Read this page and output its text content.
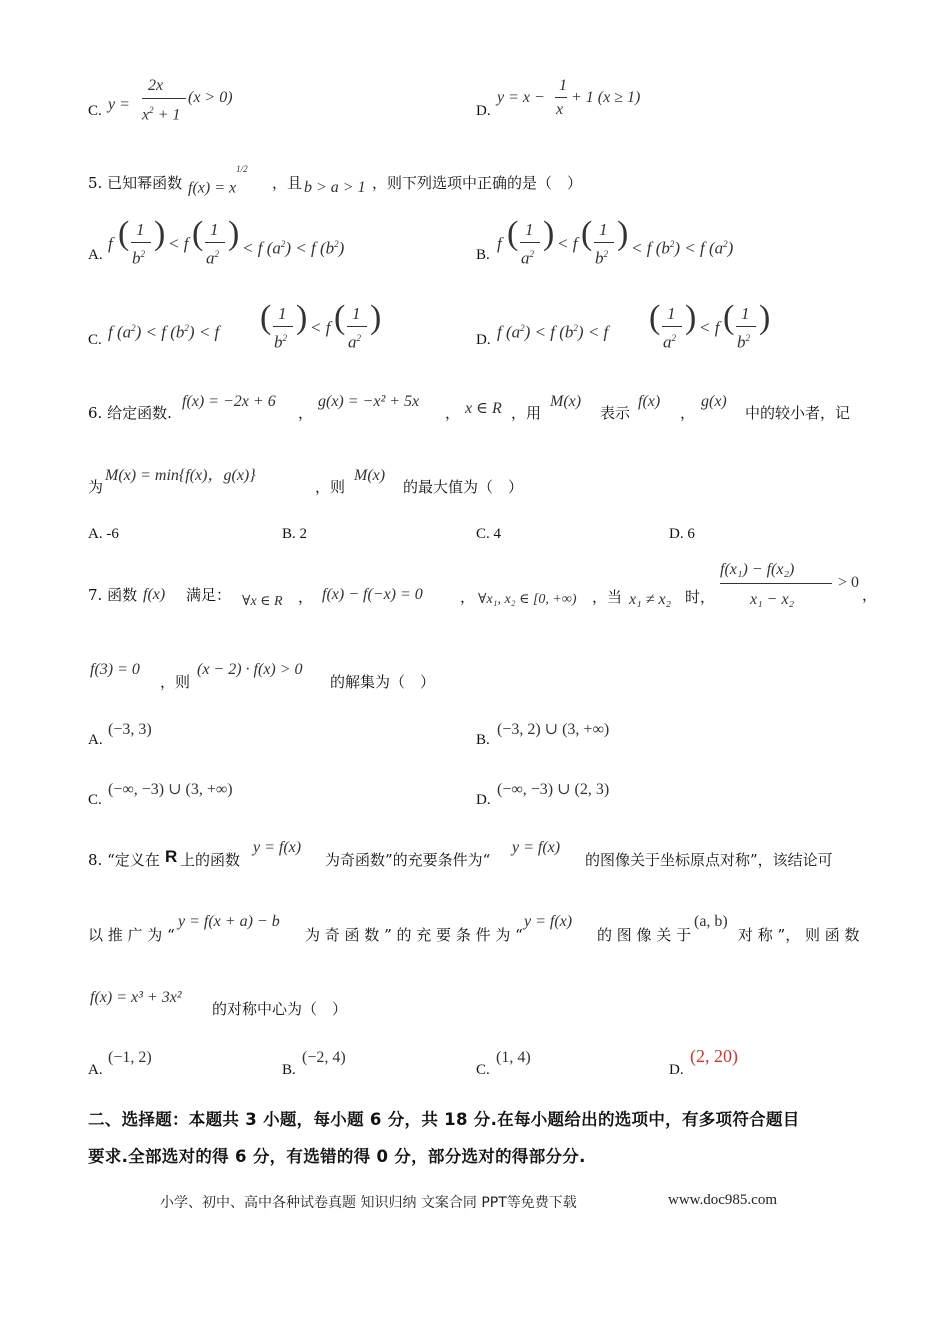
C. y =
2x
$x^2 + 1$
(x > 0)
D.
y = x −
1
x
+ 1 (x ≥ 1)
5. 已知幂函数 $f(x) = x^{1/2}$
，且 b > a > 1 ，则下列选项中正确的是（　）
A.
f ( 1
$b^2$
) < f ( 1
$a^2$
) < f $(a^2) < f$ $(b^2)$	B.
f ( 1
$a^2$
) < f ( 1
$b^2$
) < f $(b^2) < f$ $(a^2)$
C. f $(a^2) < f$ $(b^2) < f$ ( 1
$b^2$
) < f ( 1
$a^2$
)
D. f $(a^2) < f$ $(b^2) < f$ ( 1
$a^2$
) < f ( 1
$b^2$
)
6. 给定函数.
f(x) = −2x + 6
，
g(x) = −x² + 5x
， x ∈ R ，用
M(x)
表示
f(x)
，
g(x)
中的较小者，记
为
M(x) = min{f(x)，g(x)}
，则
M(x)
的最大值为（　）
A. -6	B. 2	C. 4	D. 6
7. 函数 f(x) 满足： ∀x ∈ R ， f(x) − f(−x) = 0 ， ∀x₁, x₂ ∈ [0, +∞) ，当 x₁ ≠ x₂ 时，
f(x₁) − f(x₂)
x₁ − x₂
> 0
，
f(3) = 0
，则
(x − 2) · f(x) > 0
的解集为（　）
A.
(−3, 3)
B.
(−3, 2) ∪ (3, +∞)
C.
(−∞, −3) ∪ (3, +∞)
D.
(−∞, −3) ∪ (2, 3)
8. “定义在 R 上的函数
y = f(x)
为奇函数”的充要条件为“
y = f(x)
的图像关于坐标原点对称”，该结论可
以 推 广 为 “
y = f(x + a) − b
为 奇 函 数 ” 的 充 要 条 件 为 “
y = f(x)
的 图 像 关 于
(a, b)
对 称 ”， 则 函 数
f(x) = x³ + 3x²
的对称中心为（　）
A.
(−1, 2)
B.
(−2, 4)
C.
(1, 4)
D.
(2, 20)
二、选择题：本题共 3 小题，每小题 6 分，共 18 分.在每小题给出的选项中，有多项符合题目
要求.全部选对的得 6 分，有选错的得 0 分，部分选对的得部分分.
小学、初中、高中各种试卷真题 知识归纳 文案合同 PPT等免费下载	www.doc985.com
